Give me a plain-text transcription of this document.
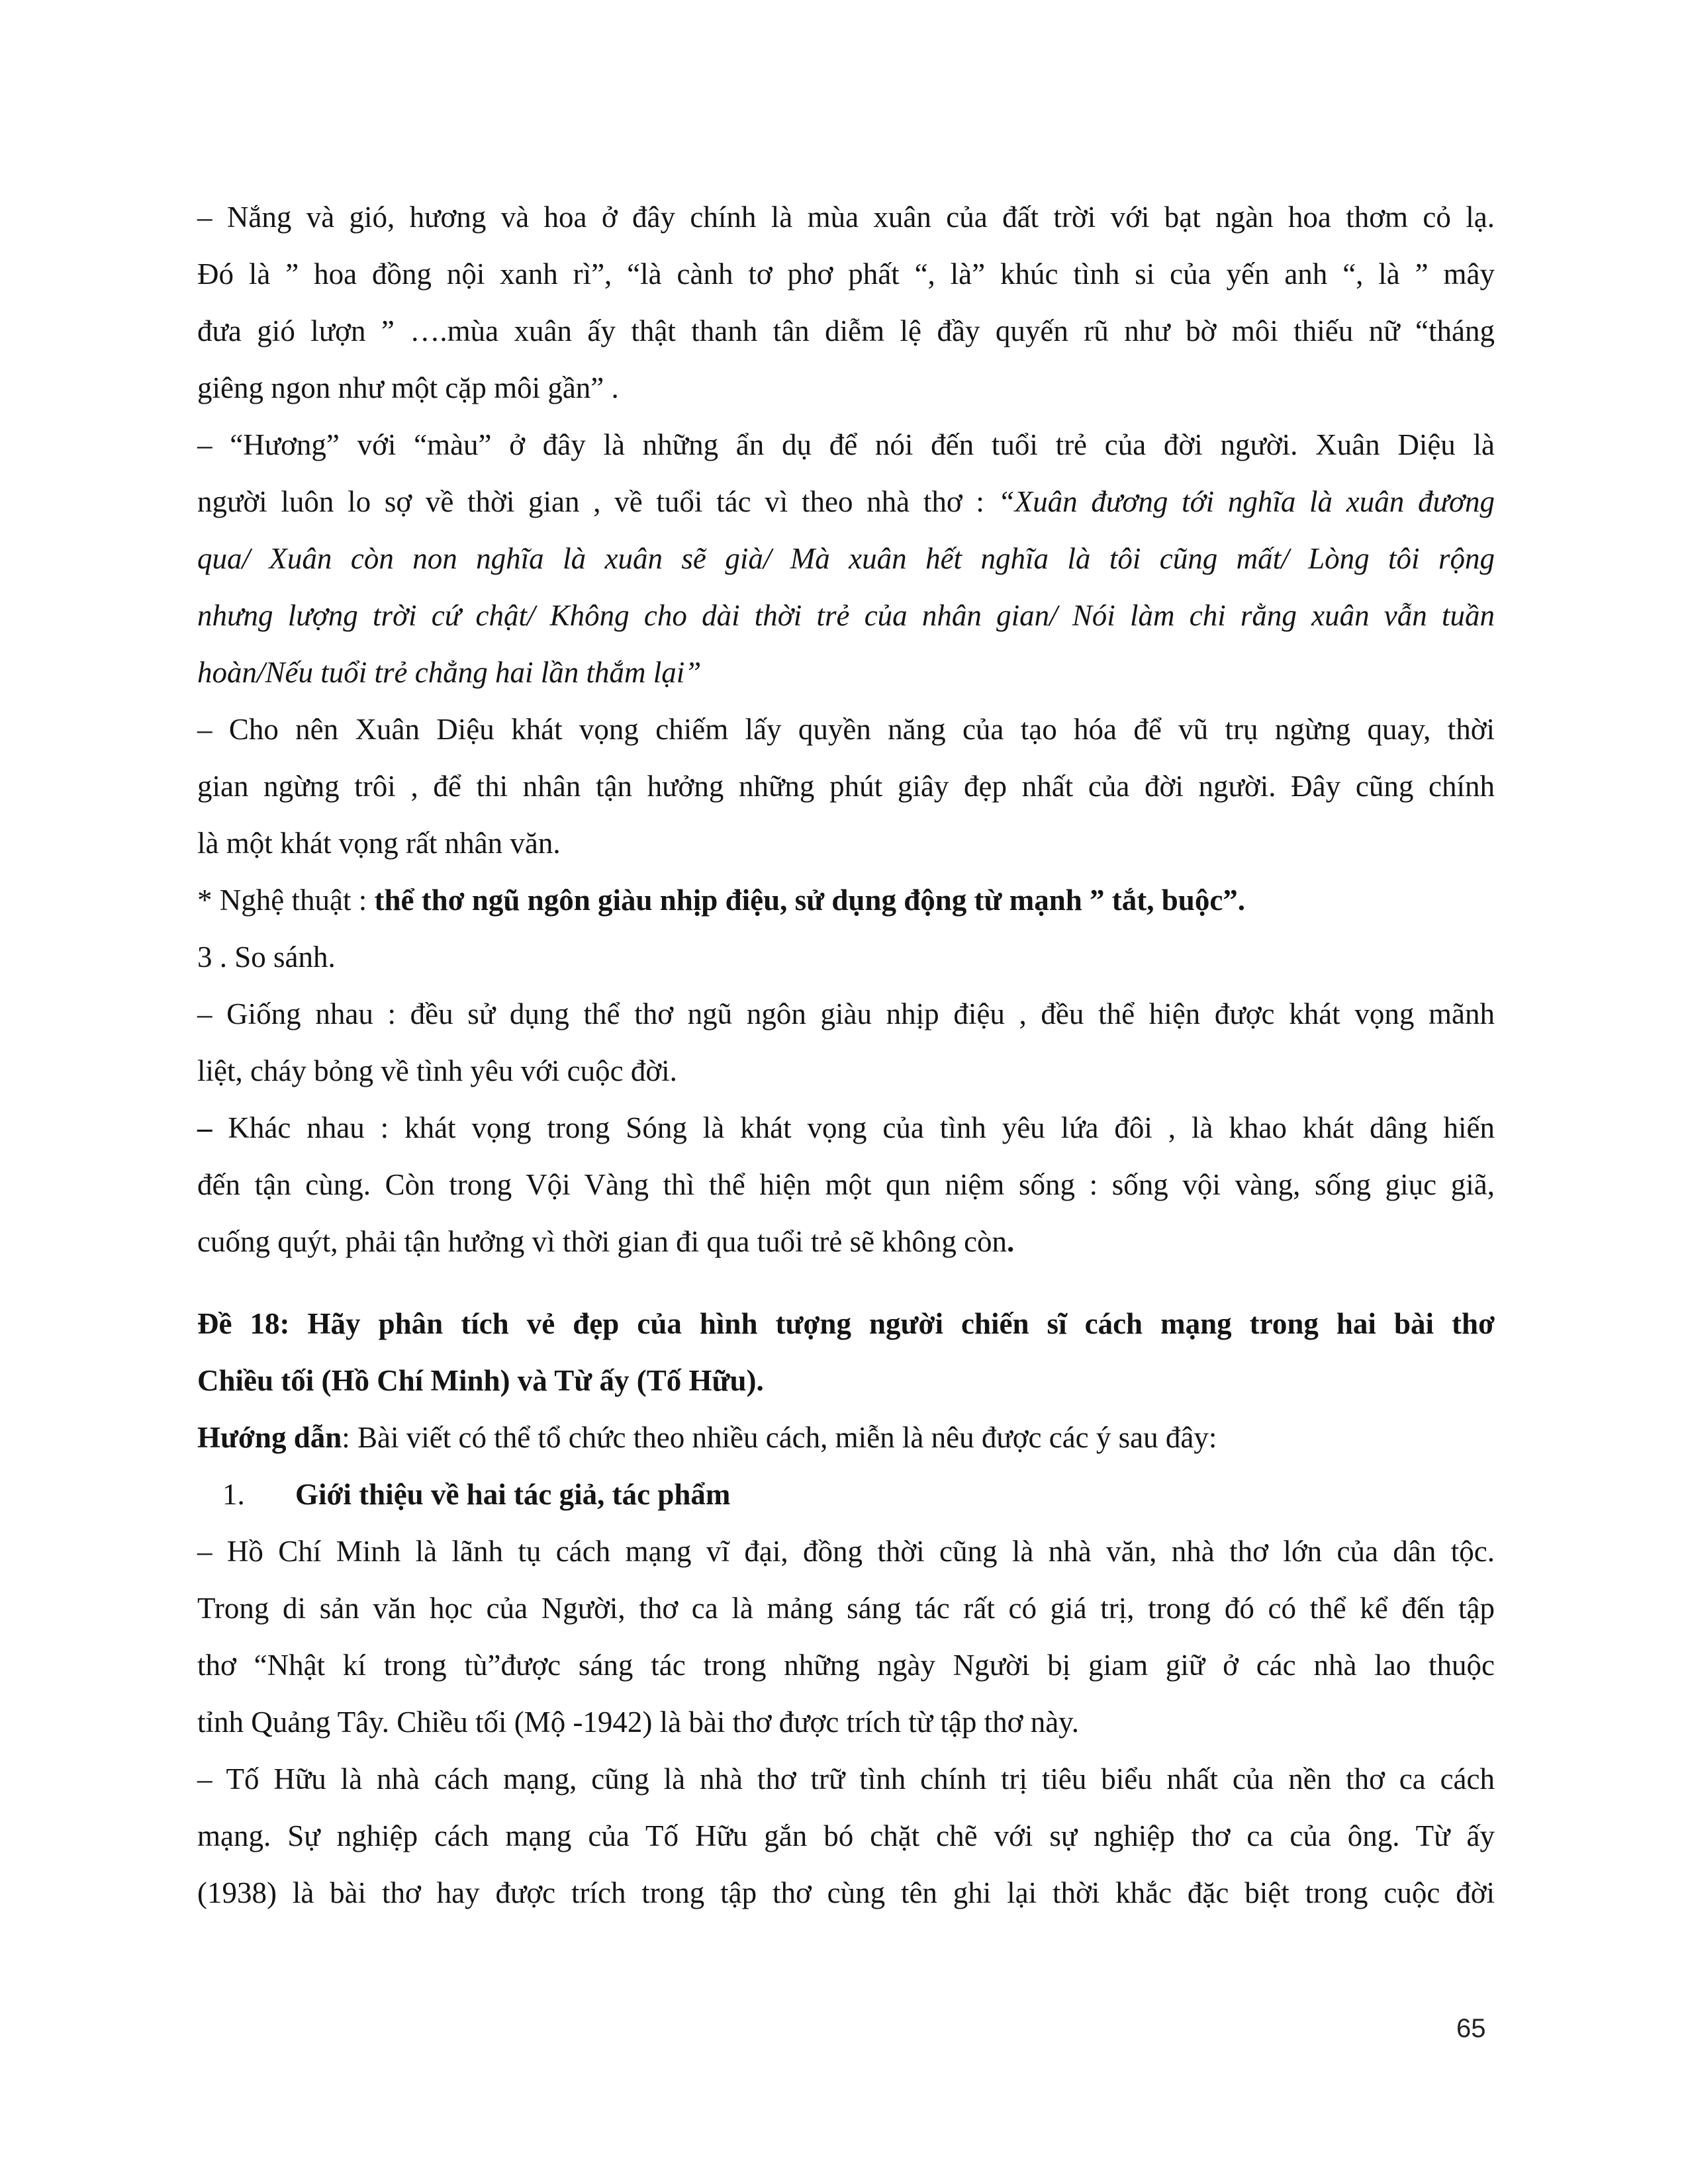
– Nắng và gió, hương và hoa ở đây chính là mùa xuân của đất trời với bạt ngàn hoa thơm cỏ lạ.

Đó là ” hoa đồng nội xanh rì”, “là cành tơ phơ phất “, là” khúc tình si của yến anh “, là ” mây

đưa gió lượn ” ….mùa xuân ấy thật thanh tân diễm lệ đầy quyến rũ như bờ môi thiếu nữ “tháng

giêng ngon như một cặp môi gần” .

– “Hương” với “màu” ở đây là những ẩn dụ để nói đến tuổi trẻ của đời người. Xuân Diệu là

người luôn lo sợ về thời gian , về tuổi tác vì theo nhà thơ : “Xuân đương tới nghĩa là xuân đương

qua/ Xuân còn non nghĩa là xuân sẽ già/ Mà xuân hết nghĩa là tôi cũng mất/ Lòng tôi rộng

nhưng lượng trời cứ chật/ Không cho dài thời trẻ của nhân gian/ Nói làm chi rằng xuân vẫn tuần

hoàn/Nếu tuổi trẻ chẳng hai lần thắm lại”

– Cho nên Xuân Diệu khát vọng chiếm lấy quyền năng của tạo hóa để vũ trụ ngừng quay, thời

gian ngừng trôi , để thi nhân tận hưởng những phút giây đẹp nhất của đời người. Đây cũng chính

là một khát vọng rất nhân văn.

* Nghệ thuật : thể thơ ngũ ngôn giàu nhịp điệu, sử dụng động từ mạnh ” tắt, buộc”.

3 . So sánh.

– Giống nhau : đều sử dụng thể thơ ngũ ngôn giàu nhịp điệu , đều thể hiện được khát vọng mãnh

liệt, cháy bỏng về tình yêu với cuộc đời.

– Khác nhau : khát vọng trong Sóng là khát vọng của tình yêu lứa đôi , là khao khát dâng hiến

đến tận cùng. Còn trong Vội Vàng thì thể hiện một qun niệm sống : sống vội vàng, sống giục giã,

cuống quýt, phải tận hưởng vì thời gian đi qua tuổi trẻ sẽ không còn.

Đề 18: Hãy phân tích vẻ đẹp của hình tượng người chiến sĩ cách mạng trong hai bài thơ

Chiều tối (Hồ Chí Minh) và Từ ấy (Tố Hữu).

Hướng dẫn: Bài viết có thể tổ chức theo nhiều cách, miễn là nêu được các ý sau đây:

1.	Giới thiệu về hai tác giả, tác phẩm

– Hồ Chí Minh là lãnh tụ cách mạng vĩ đại, đồng thời cũng là nhà văn, nhà thơ lớn của dân tộc.

Trong di sản văn học của Người, thơ ca là mảng sáng tác rất có giá trị, trong đó có thể kể đến tập

thơ “Nhật kí trong tù”được sáng tác trong những ngày Người bị giam giữ ở các nhà lao thuộc

tỉnh Quảng Tây. Chiều tối (Mộ -1942) là bài thơ được trích từ tập thơ này.

– Tố Hữu là nhà cách mạng, cũng là nhà thơ trữ tình chính trị tiêu biểu nhất của nền thơ ca cách

mạng. Sự nghiệp cách mạng của Tố Hữu gắn bó chặt chẽ với sự nghiệp thơ ca của ông. Từ ấy

(1938) là bài thơ hay được trích trong tập thơ cùng tên ghi lại thời khắc đặc biệt trong cuộc đời

65
